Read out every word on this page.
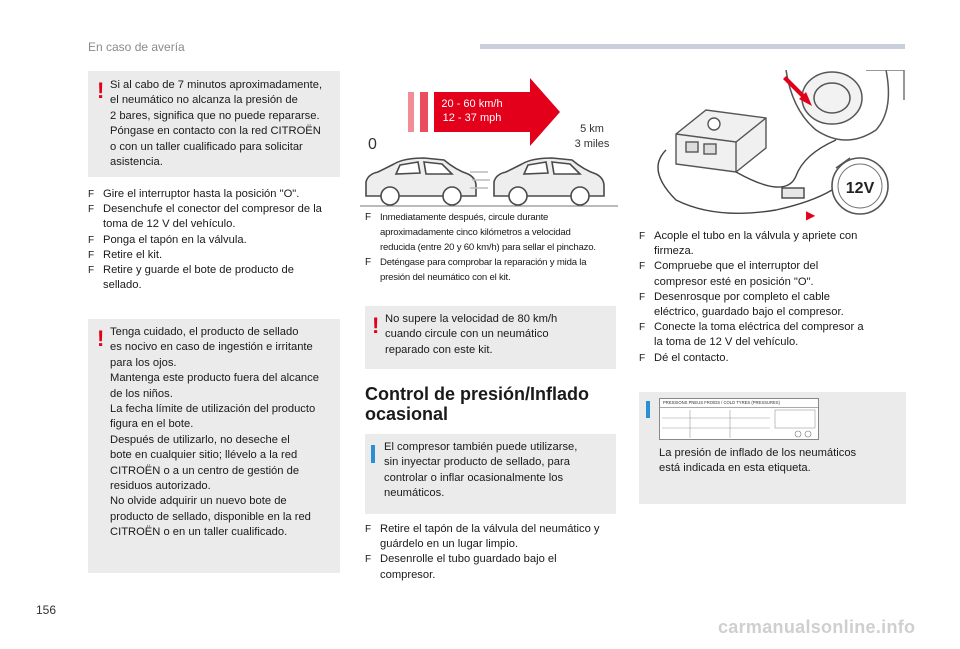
En caso de avería
! Si al cabo de 7 minutos aproximadamente,
el neumático no alcanza la presión de
2 bares, significa que no puede repararse.
Póngase en contacto con la red CITROËN
o con un taller cualificado para solicitar
asistencia.
F Gire el interruptor hasta la posición "O".
F Desenchufe el conector del compresor de la
toma de 12 V del vehículo.
F Ponga el tapón en la válvula.
F Retire el kit.
F Retire y guarde el bote de producto de
sellado.
! Tenga cuidado, el producto de sellado
es nocivo en caso de ingestión e irritante
para los ojos.
Mantenga este producto fuera del alcance
de los niños.
La fecha límite de utilización del producto
figura en el bote.
Después de utilizarlo, no deseche el
bote en cualquier sitio; llévelo a la red
CITROËN o a un centro de gestión de
residuos autorizado.
No olvide adquirir un nuevo bote de
producto de sellado, disponible en la red
CITROËN o en un taller cualificado.
20 - 60 km/h
12 - 37 mph
0
5 km
3 miles
F Inmediatamente después, circule durante
aproximadamente cinco kilómetros a velocidad
reducida (entre 20 y 60 km/h) para sellar el pinchazo.
F Deténgase para comprobar la reparación y mida la
presión del neumático con el kit.
! No supere la velocidad de 80 km/h
cuando circule con un neumático
reparado con este kit.
Control de presión/Inflado
ocasional
El compresor también puede utilizarse,
sin inyectar producto de sellado, para
controlar o inflar ocasionalmente los
neumáticos.
F Retire el tapón de la válvula del neumático y
guárdelo en un lugar limpio.
F Desenrolle el tubo guardado bajo el
compresor.
12V
▶
F Acople el tubo en la válvula y apriete con
firmeza.
F Compruebe que el interruptor del
compresor esté en posición "O".
F Desenrosque por completo el cable
eléctrico, guardado bajo el compresor.
F Conecte la toma eléctrica del compresor a
la toma de 12 V del vehículo.
F Dé el contacto.
PRESSIONS PNEUS FROIDS / COLD TYRES (PRESSURES)
La presión de inflado de los neumáticos
está indicada en esta etiqueta.
156
carmanualsonline.info
